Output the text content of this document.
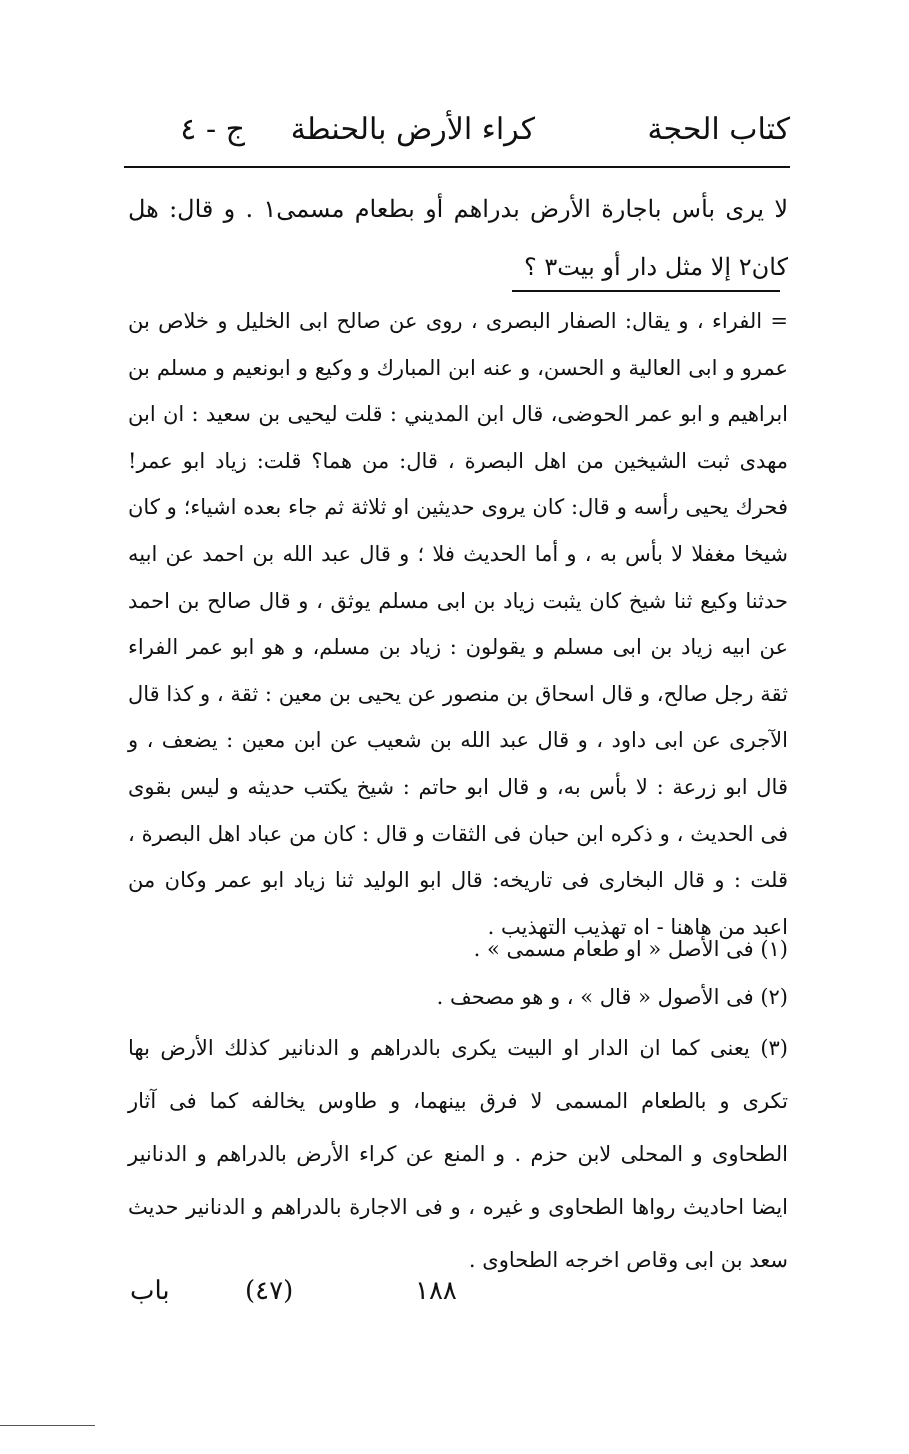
كتاب الحجة
كراء الأرض بالحنطة
ج - ٤
لا يرى بأس باجارة الأرض بدراهم أو بطعام مسمى١ . و قال: هل كان٢ إلا مثل دار أو بيت٣ ؟
= الفراء ، و يقال: الصفار البصرى ، روى عن صالح ابى الخليل و خلاص بن عمرو و ابى العالية و الحسن، و عنه ابن المبارك و وكيع و ابونعيم و مسلم بن ابراهيم و ابو عمر الحوضى، قال ابن المديني : قلت ليحيى بن سعيد : ان ابن مهدى ثبت الشيخين من اهل البصرة ، قال: من هما؟ قلت: زياد ابو عمر! فحرك يحيى رأسه و قال: كان يروى حديثين او ثلاثة ثم جاء بعده اشياء؛ و كان شيخا مغفلا لا بأس به ، و أما الحديث فلا ؛ و قال عبد الله بن احمد عن ابيه حدثنا وكيع ثنا شيخ كان يثبت زياد بن ابى مسلم يوثق ، و قال صالح بن احمد عن ابيه زياد بن ابى مسلم و يقولون : زياد بن مسلم، و هو ابو عمر الفراء ثقة رجل صالح، و قال اسحاق بن منصور عن يحيى بن معين : ثقة ، و كذا قال الآجرى عن ابى داود ، و قال عبد الله بن شعيب عن ابن معين : يضعف ، و قال ابو زرعة : لا بأس به، و قال ابو حاتم : شيخ يكتب حديثه و ليس بقوى فى الحديث ، و ذكره ابن حبان فى الثقات و قال : كان من عباد اهل البصرة ، قلت : و قال البخارى فى تاريخه: قال ابو الوليد ثنا زياد ابو عمر وكان من اعبد من هاهنا - اه تهذيب التهذيب .
(١) فى الأصل « او طعام مسمى » .
(٢) فى الأصول « قال » ، و هو مصحف .
(٣) يعنى كما ان الدار او البيت يكرى بالدراهم و الدنانير كذلك الأرض بها تكرى و بالطعام المسمى لا فرق بينهما، و طاوس يخالفه كما فى آثار الطحاوى و المحلى لابن حزم . و المنع عن كراء الأرض بالدراهم و الدنانير ايضا احاديث رواها الطحاوى و غيره ، و فى الاجارة بالدراهم و الدنانير حديث سعد بن ابى وقاص اخرجه الطحاوى .
باب	(٤٧)	١٨٨
